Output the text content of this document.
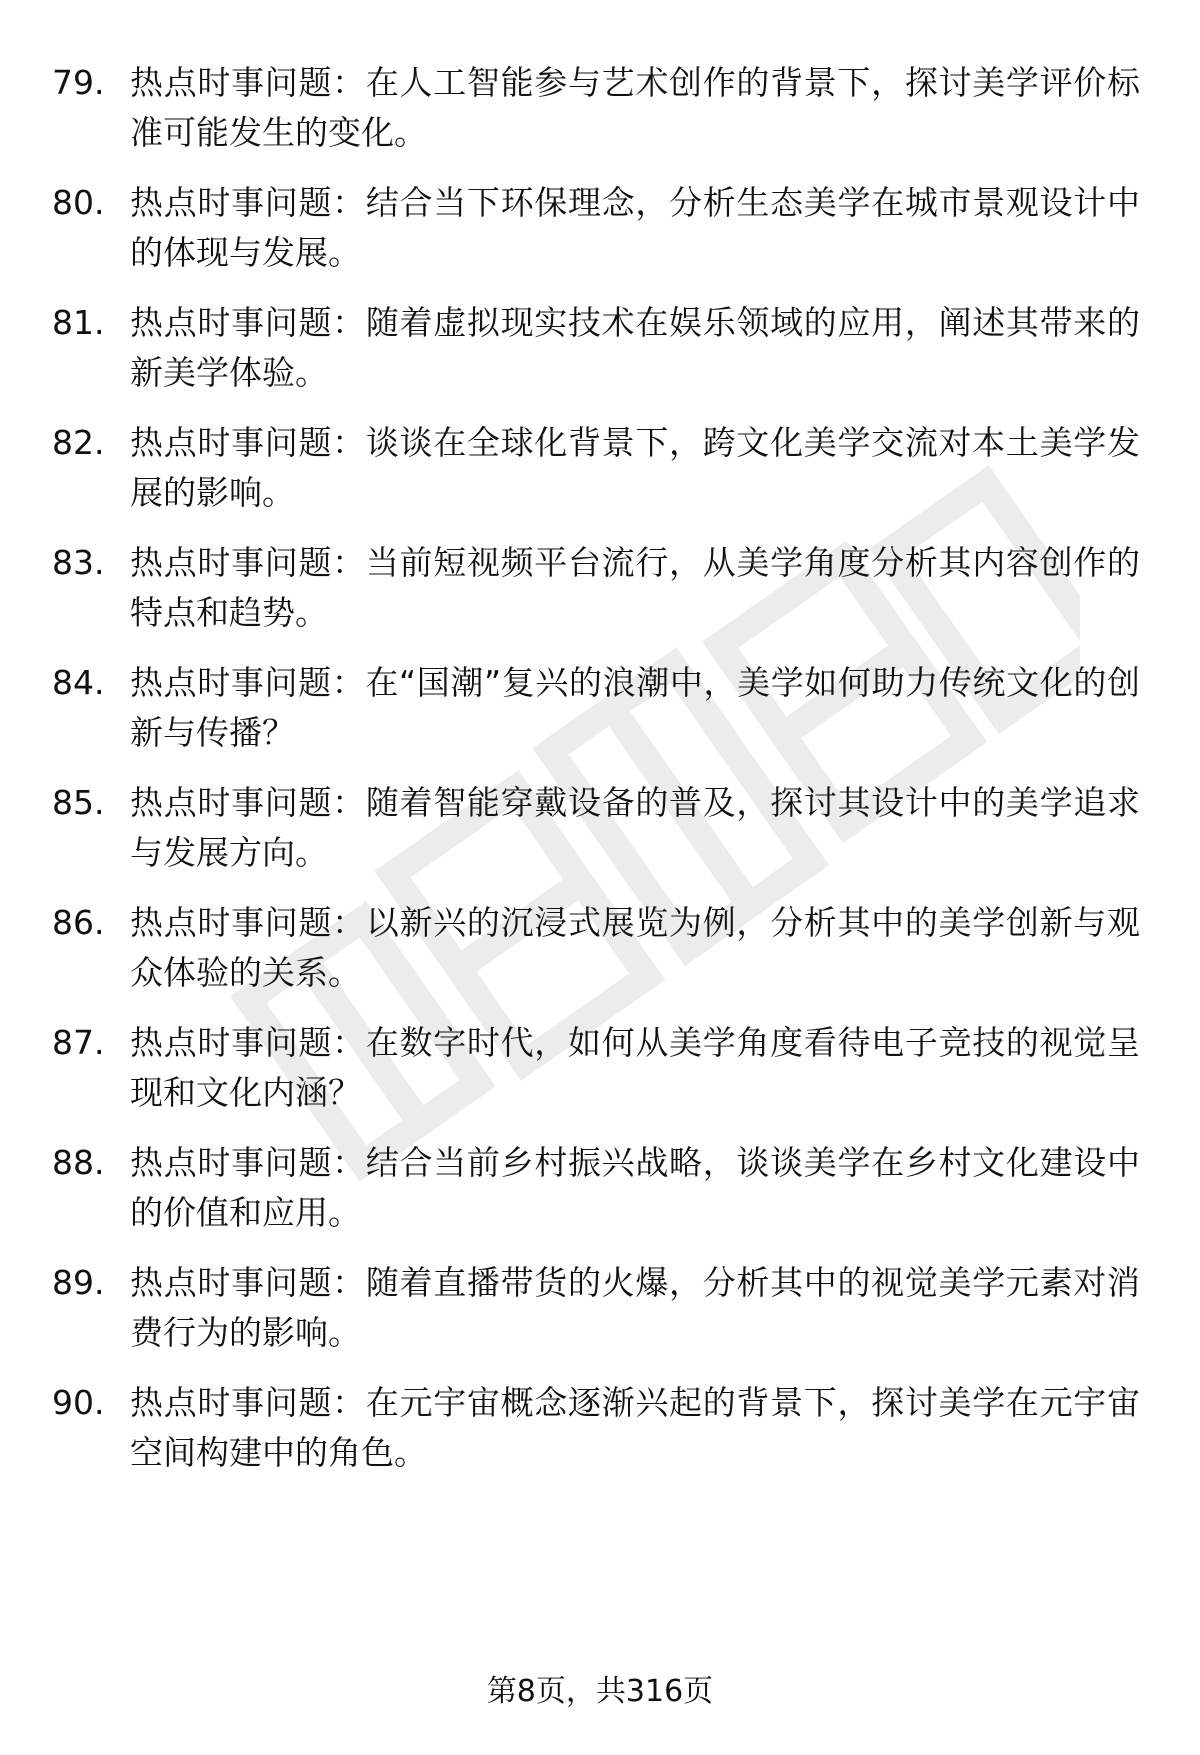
79. 热点时事问题：在人工智能参与艺术创作的背景下，探讨美学评价标准可能发生的变化。
80. 热点时事问题：结合当下环保理念，分析生态美学在城市景观设计中的体现与发展。
81. 热点时事问题：随着虚拟现实技术在娱乐领域的应用，阐述其带来的新美学体验。
82. 热点时事问题：谈谈在全球化背景下，跨文化美学交流对本土美学发展的影响。
83. 热点时事问题：当前短视频平台流行，从美学角度分析其内容创作的特点和趋势。
84. 热点时事问题：在“国潮”复兴的浪潮中，美学如何助力传统文化的创新与传播？
85. 热点时事问题：随着智能穿戴设备的普及，探讨其设计中的美学追求与发展方向。
86. 热点时事问题：以新兴的沉浸式展览为例，分析其中的美学创新与观众体验的关系。
87. 热点时事问题：在数字时代，如何从美学角度看待电子竞技的视觉呈现和文化内涵？
88. 热点时事问题：结合当前乡村振兴战略，谈谈美学在乡村文化建设中的价值和应用。
89. 热点时事问题：随着直播带货的火爆，分析其中的视觉美学元素对消费行为的影响。
90. 热点时事问题：在元宇宙概念逐渐兴起的背景下，探讨美学在元宇宙空间构建中的角色。
第8页，共316页
